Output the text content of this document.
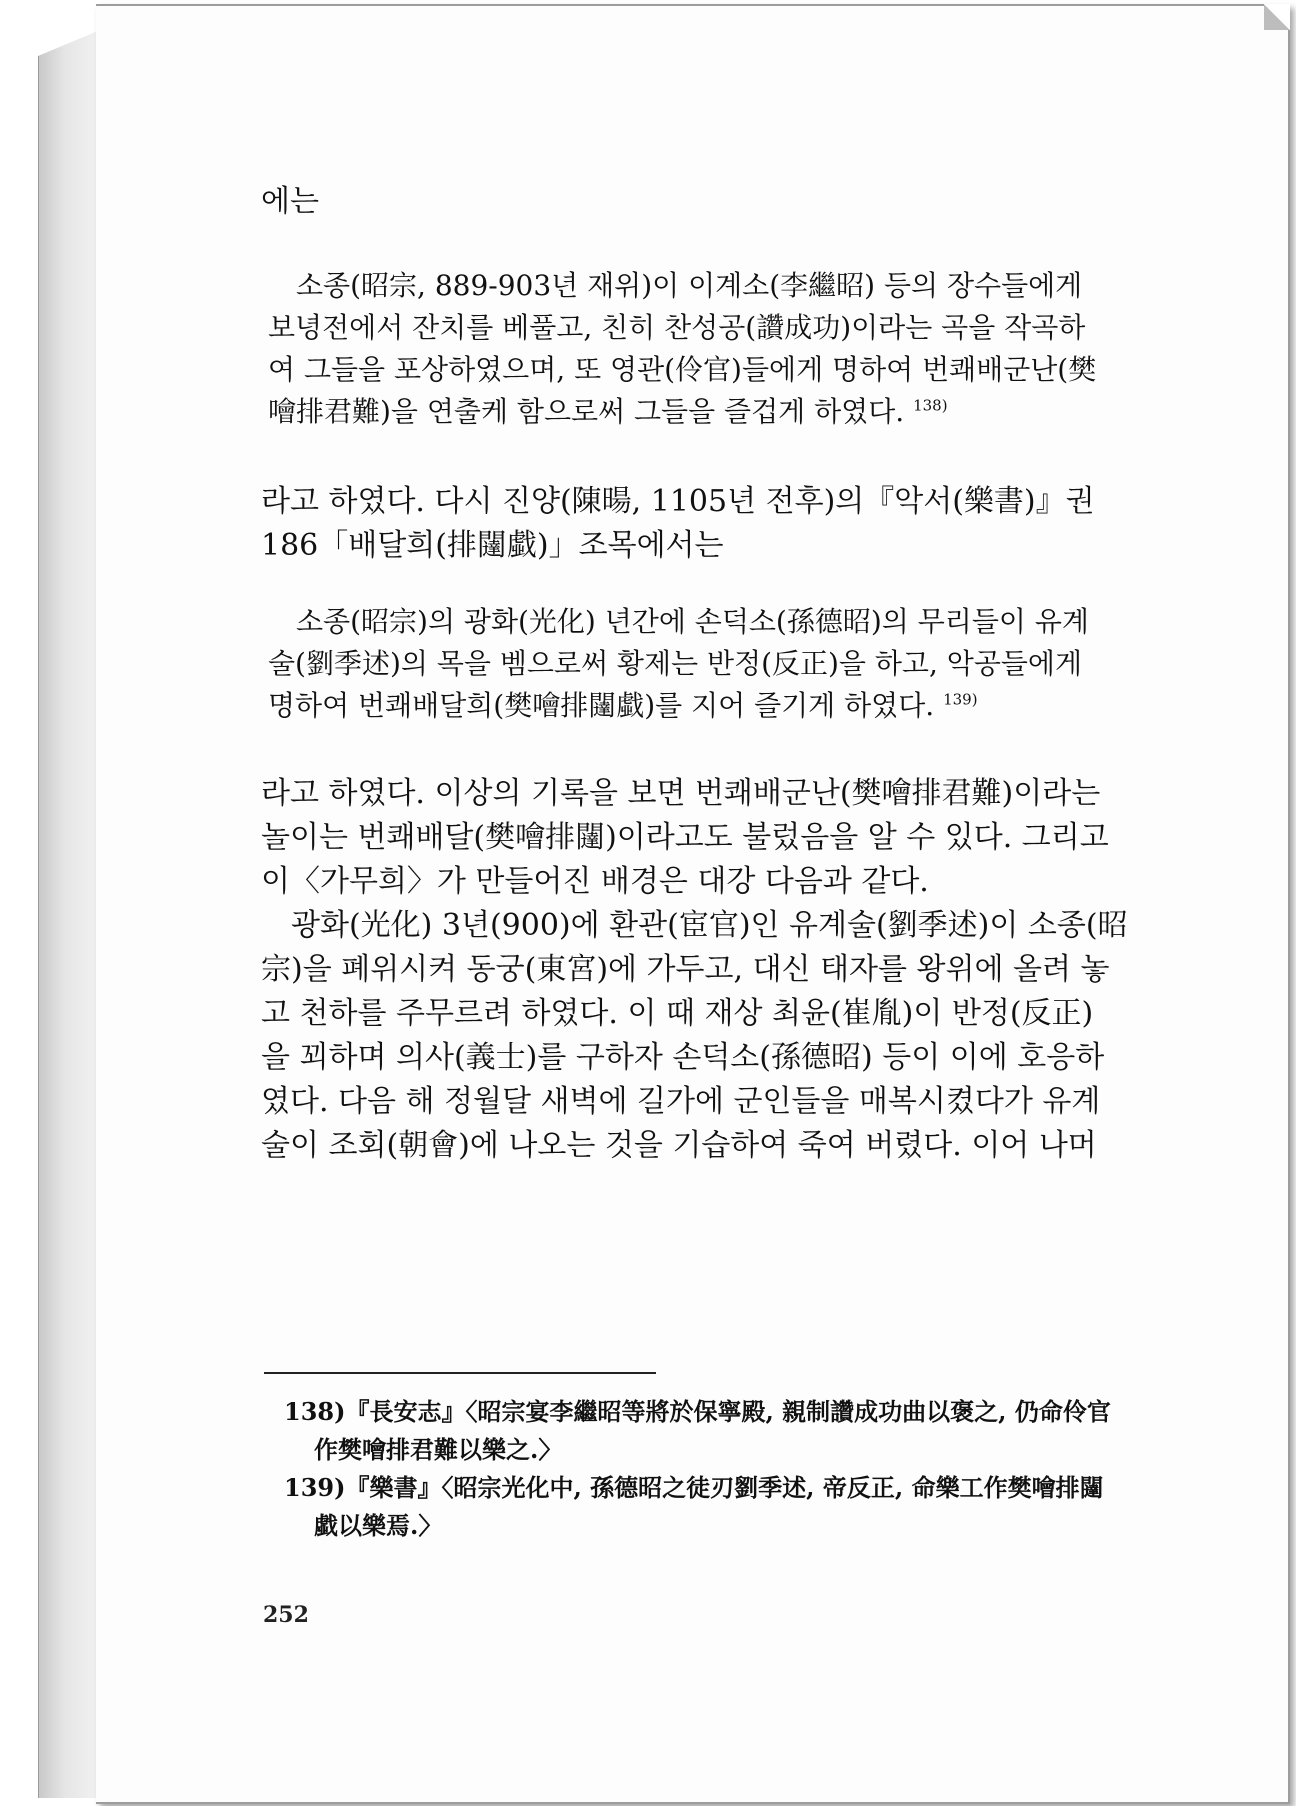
에는
소종(昭宗, 889-903년 재위)이 이계소(李繼昭) 등의 장수들에게
보녕전에서 잔치를 베풀고, 친히 찬성공(讚成功)이라는 곡을 작곡하
여 그들을 포상하였으며, 또 영관(伶官)들에게 명하여 번쾌배군난(樊
噲排君難)을 연출케 함으로써 그들을 즐겁게 하였다. $^{138)}$
라고 하였다. 다시 진양(陳暘, 1105년 전후)의『악서(樂書)』권
186「배달희(排闥戱)」조목에서는
소종(昭宗)의 광화(光化) 년간에 손덕소(孫德昭)의 무리들이 유계
술(劉季述)의 목을 벰으로써 황제는 반정(反正)을 하고, 악공들에게
명하여 번쾌배달희(樊噲排闥戱)를 지어 즐기게 하였다. $^{139)}$
라고 하였다. 이상의 기록을 보면 번쾌배군난(樊噲排君難)이라는
놀이는 번쾌배달(樊噲排闥)이라고도 불렀음을 알 수 있다. 그리고
이〈가무희〉가 만들어진 배경은 대강 다음과 같다.
광화(光化) 3년(900)에 환관(宦官)인 유계술(劉季述)이 소종(昭
宗)을 폐위시켜 동궁(東宮)에 가두고, 대신 태자를 왕위에 올려 놓
고 천하를 주무르려 하였다. 이 때 재상 최윤(崔胤)이 반정(反正)
을 꾀하며 의사(義士)를 구하자 손덕소(孫德昭) 등이 이에 호응하
였다. 다음 해 정월달 새벽에 길가에 군인들을 매복시켰다가 유계
술이 조회(朝會)에 나오는 것을 기습하여 죽여 버렸다. 이어 나머
138)『長安志』〈昭宗宴李繼昭等將於保寧殿, 親制讚成功曲以褒之, 仍命伶官
作樊噲排君難以樂之.〉
139)『樂書』〈昭宗光化中, 孫德昭之徒刃劉季述, 帝反正, 命樂工作樊噲排闥
戱以樂焉.〉
252
